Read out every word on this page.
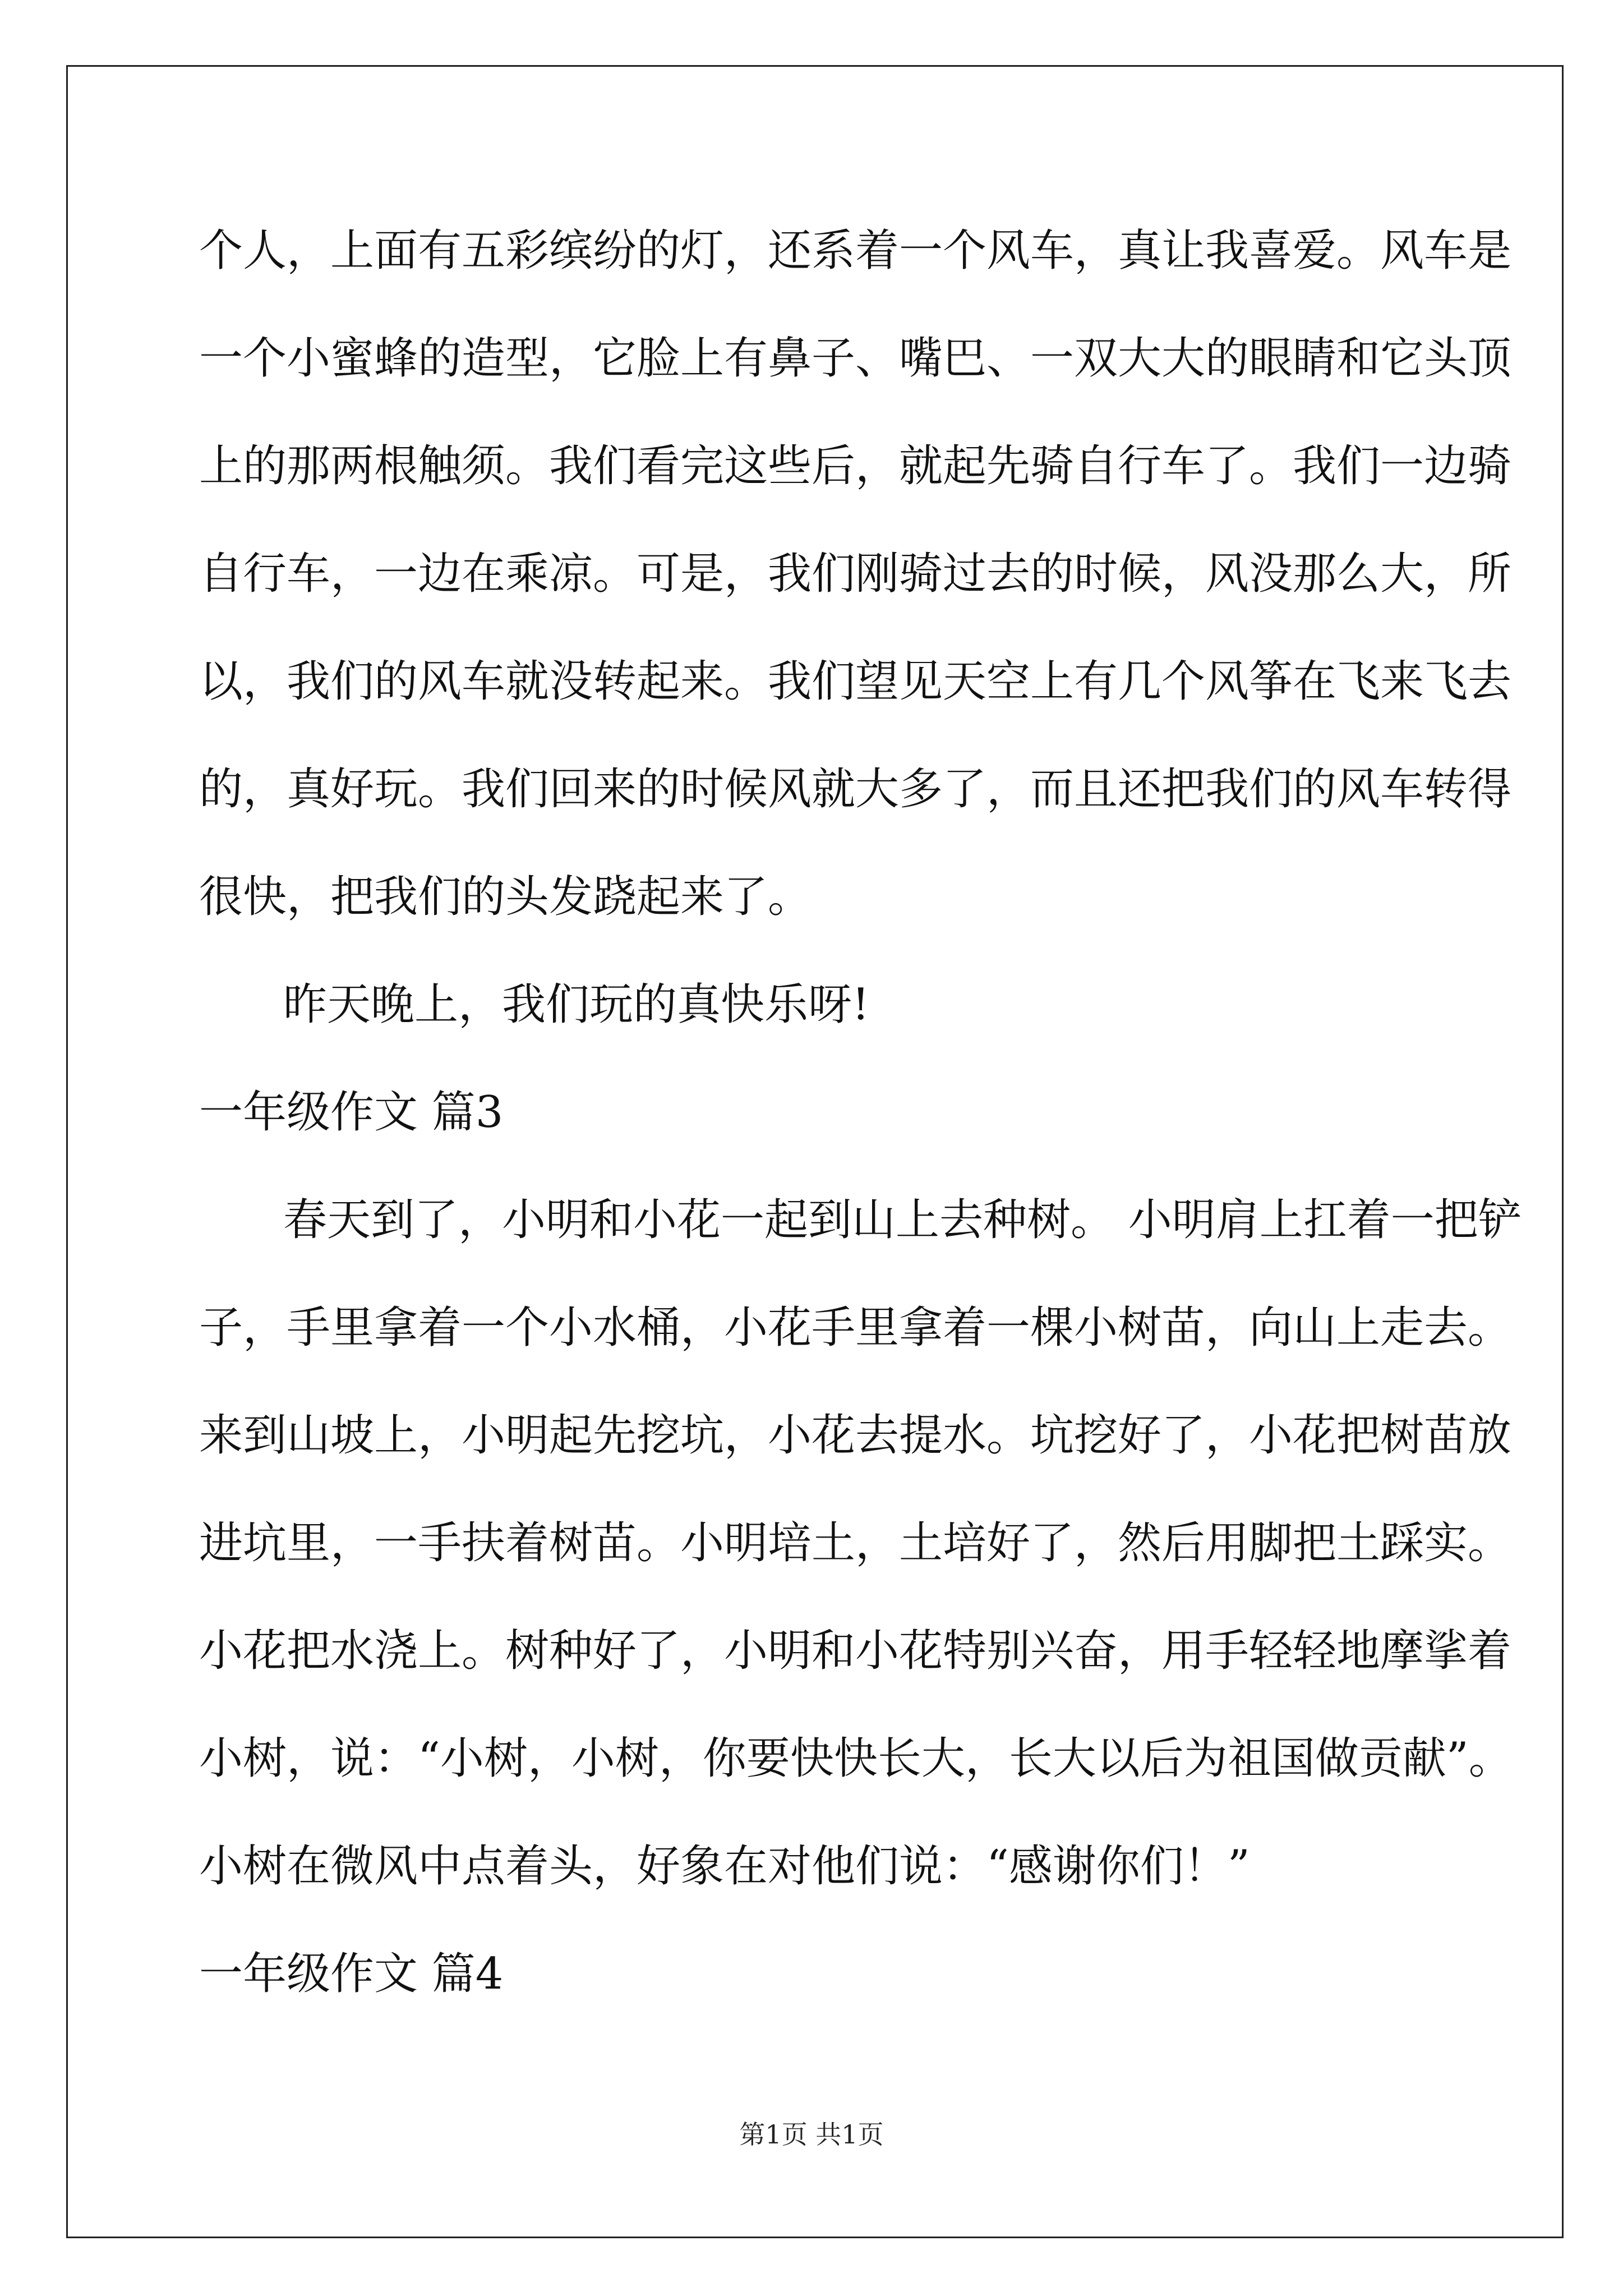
个人，上面有五彩缤纷的灯，还系着一个风车，真让我喜爱。风车是
一个小蜜蜂的造型，它脸上有鼻子、嘴巴、一双大大的眼睛和它头顶
上的那两根触须。我们看完这些后，就起先骑自行车了。我们一边骑
自行车，一边在乘凉。可是，我们刚骑过去的时候，风没那么大，所
以，我们的风车就没转起来。我们望见天空上有几个风筝在飞来飞去
的，真好玩。我们回来的时候风就大多了，而且还把我们的风车转得
很快，把我们的头发跷起来了。
昨天晚上，我们玩的真快乐呀!
一年级作文 篇3
春天到了，小明和小花一起到山上去种树。 小明肩上扛着一把铲
子，手里拿着一个小水桶，小花手里拿着一棵小树苗，向山上走去。
来到山坡上，小明起先挖坑，小花去提水。坑挖好了，小花把树苗放
进坑里，一手扶着树苗。小明培土，土培好了，然后用脚把土踩实。
小花把水浇上。树种好了，小明和小花特别兴奋，用手轻轻地摩挲着
小树，说：“小树，小树，你要快快长大，长大以后为祖国做贡献”。
小树在微风中点着头，好象在对他们说：“感谢你们！”
一年级作文 篇4
第1页 共1页
